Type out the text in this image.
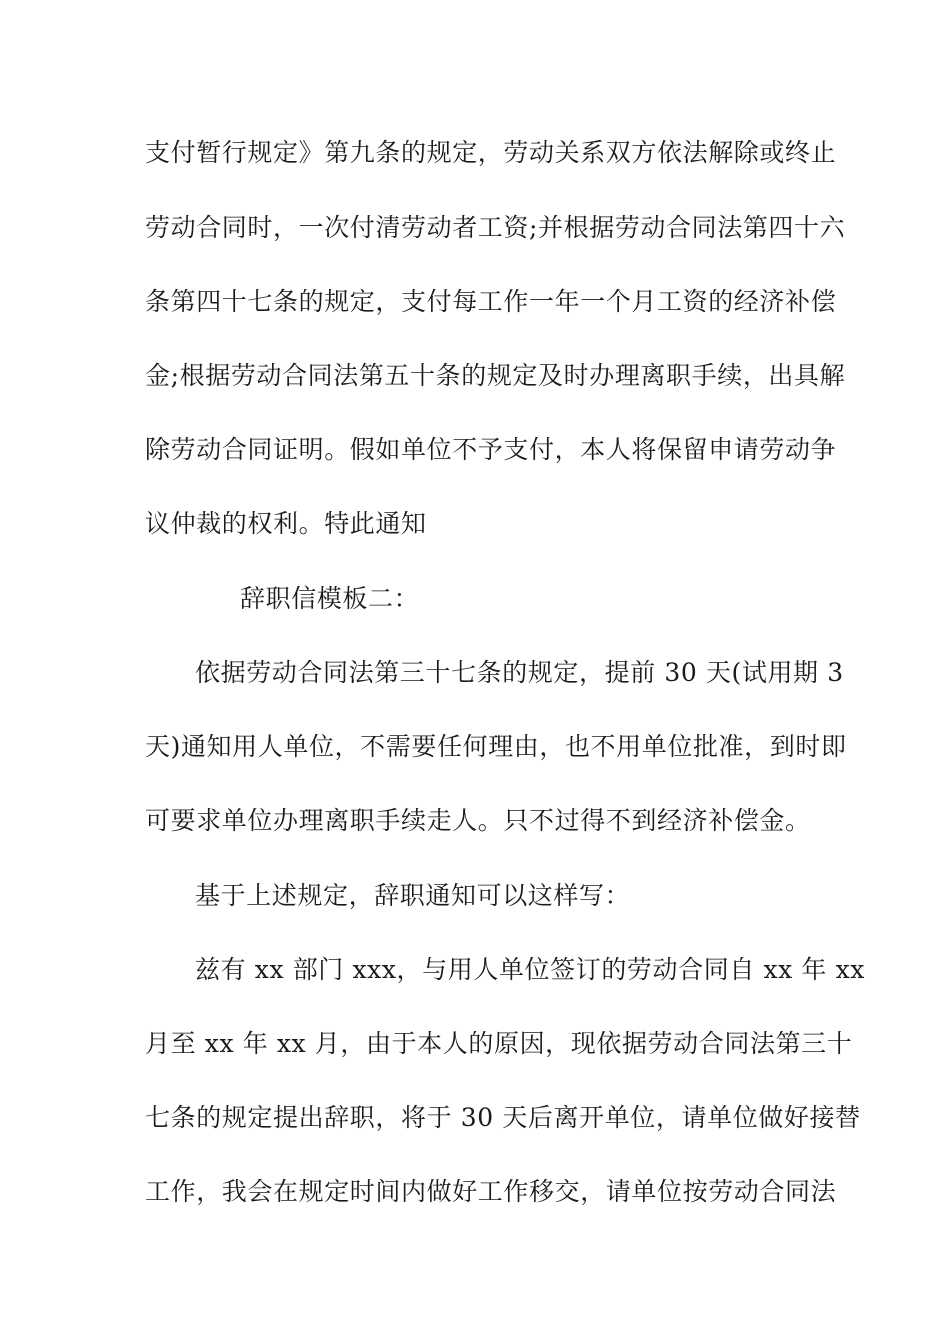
支付暂行规定》第九条的规定，劳动关系双方依法解除或终止
劳动合同时，一次付清劳动者工资;并根据劳动合同法第四十六
条第四十七条的规定，支付每工作一年一个月工资的经济补偿
金;根据劳动合同法第五十条的规定及时办理离职手续，出具解
除劳动合同证明。假如单位不予支付，本人将保留申请劳动争
议仲裁的权利。特此通知
辞职信模板二：
依据劳动合同法第三十七条的规定，提前 30 天(试用期 3
天)通知用人单位，不需要任何理由，也不用单位批准，到时即
可要求单位办理离职手续走人。只不过得不到经济补偿金。
基于上述规定，辞职通知可以这样写：
兹有 xx 部门 xxx，与用人单位签订的劳动合同自 xx 年 xx
月至 xx 年 xx 月，由于本人的原因，现依据劳动合同法第三十
七条的规定提出辞职，将于 30 天后离开单位，请单位做好接替
工作，我会在规定时间内做好工作移交，请单位按劳动合同法
